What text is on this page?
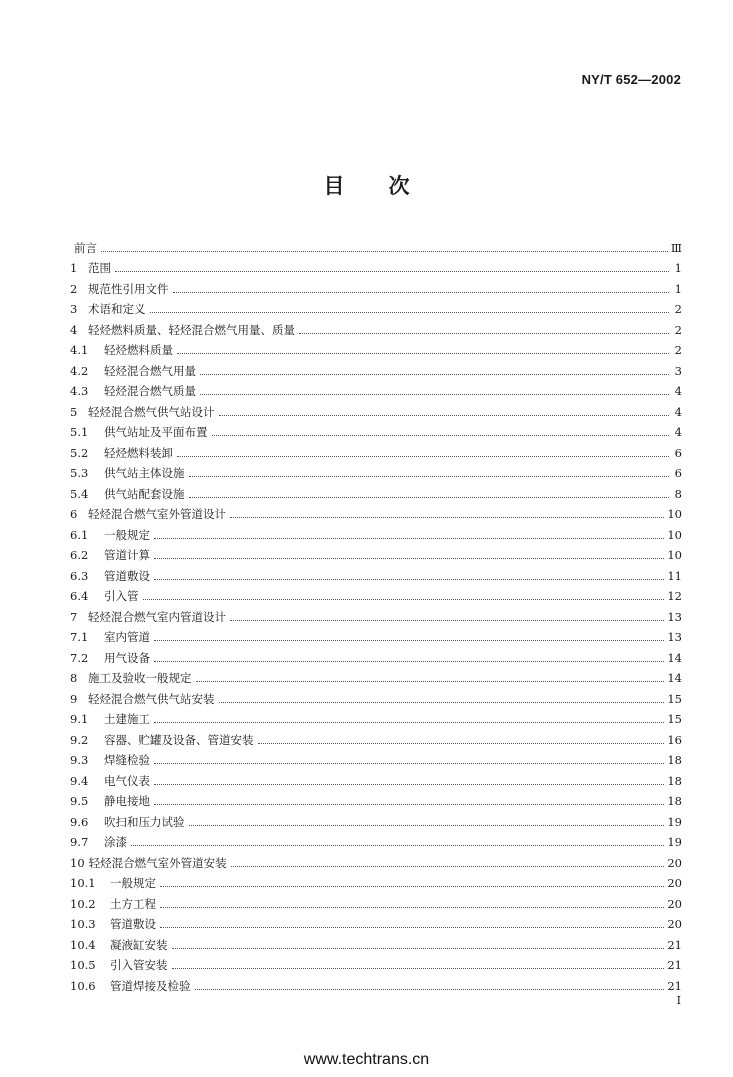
NY/T 652—2002
目 次
前言	Ⅲ
1 范围	1
2 规范性引用文件	1
3 术语和定义	2
4 轻烃燃料质量、轻烃混合燃气用量、质量	2
4.1	轻烃燃料质量	2
4.2	轻烃混合燃气用量	3
4.3	轻烃混合燃气质量	4
5 轻烃混合燃气供气站设计	4
5.1	供气站址及平面布置	4
5.2	轻烃燃料装卸	6
5.3	供气站主体设施	6
5.4	供气站配套设施	8
6 轻烃混合燃气室外管道设计	10
6.1	一般规定	10
6.2	管道计算	10
6.3	管道敷设	11
6.4	引入管	12
7 轻烃混合燃气室内管道设计	13
7.1	室内管道	13
7.2	用气设备	14
8 施工及验收一般规定	14
9 轻烃混合燃气供气站安装	15
9.1	土建施工	15
9.2	容器、贮罐及设备、管道安装	16
9.3	焊缝检验	18
9.4	电气仪表	18
9.5	静电接地	18
9.6	吹扫和压力试验	19
9.7	涂漆	19
10 轻烃混合燃气室外管道安装	20
10.1	一般规定	20
10.2	土方工程	20
10.3	管道敷设	20
10.4	凝液缸安装	21
10.5	引入管安装	21
10.6	管道焊接及检验	21
Ⅰ
www.techtrans.cn
